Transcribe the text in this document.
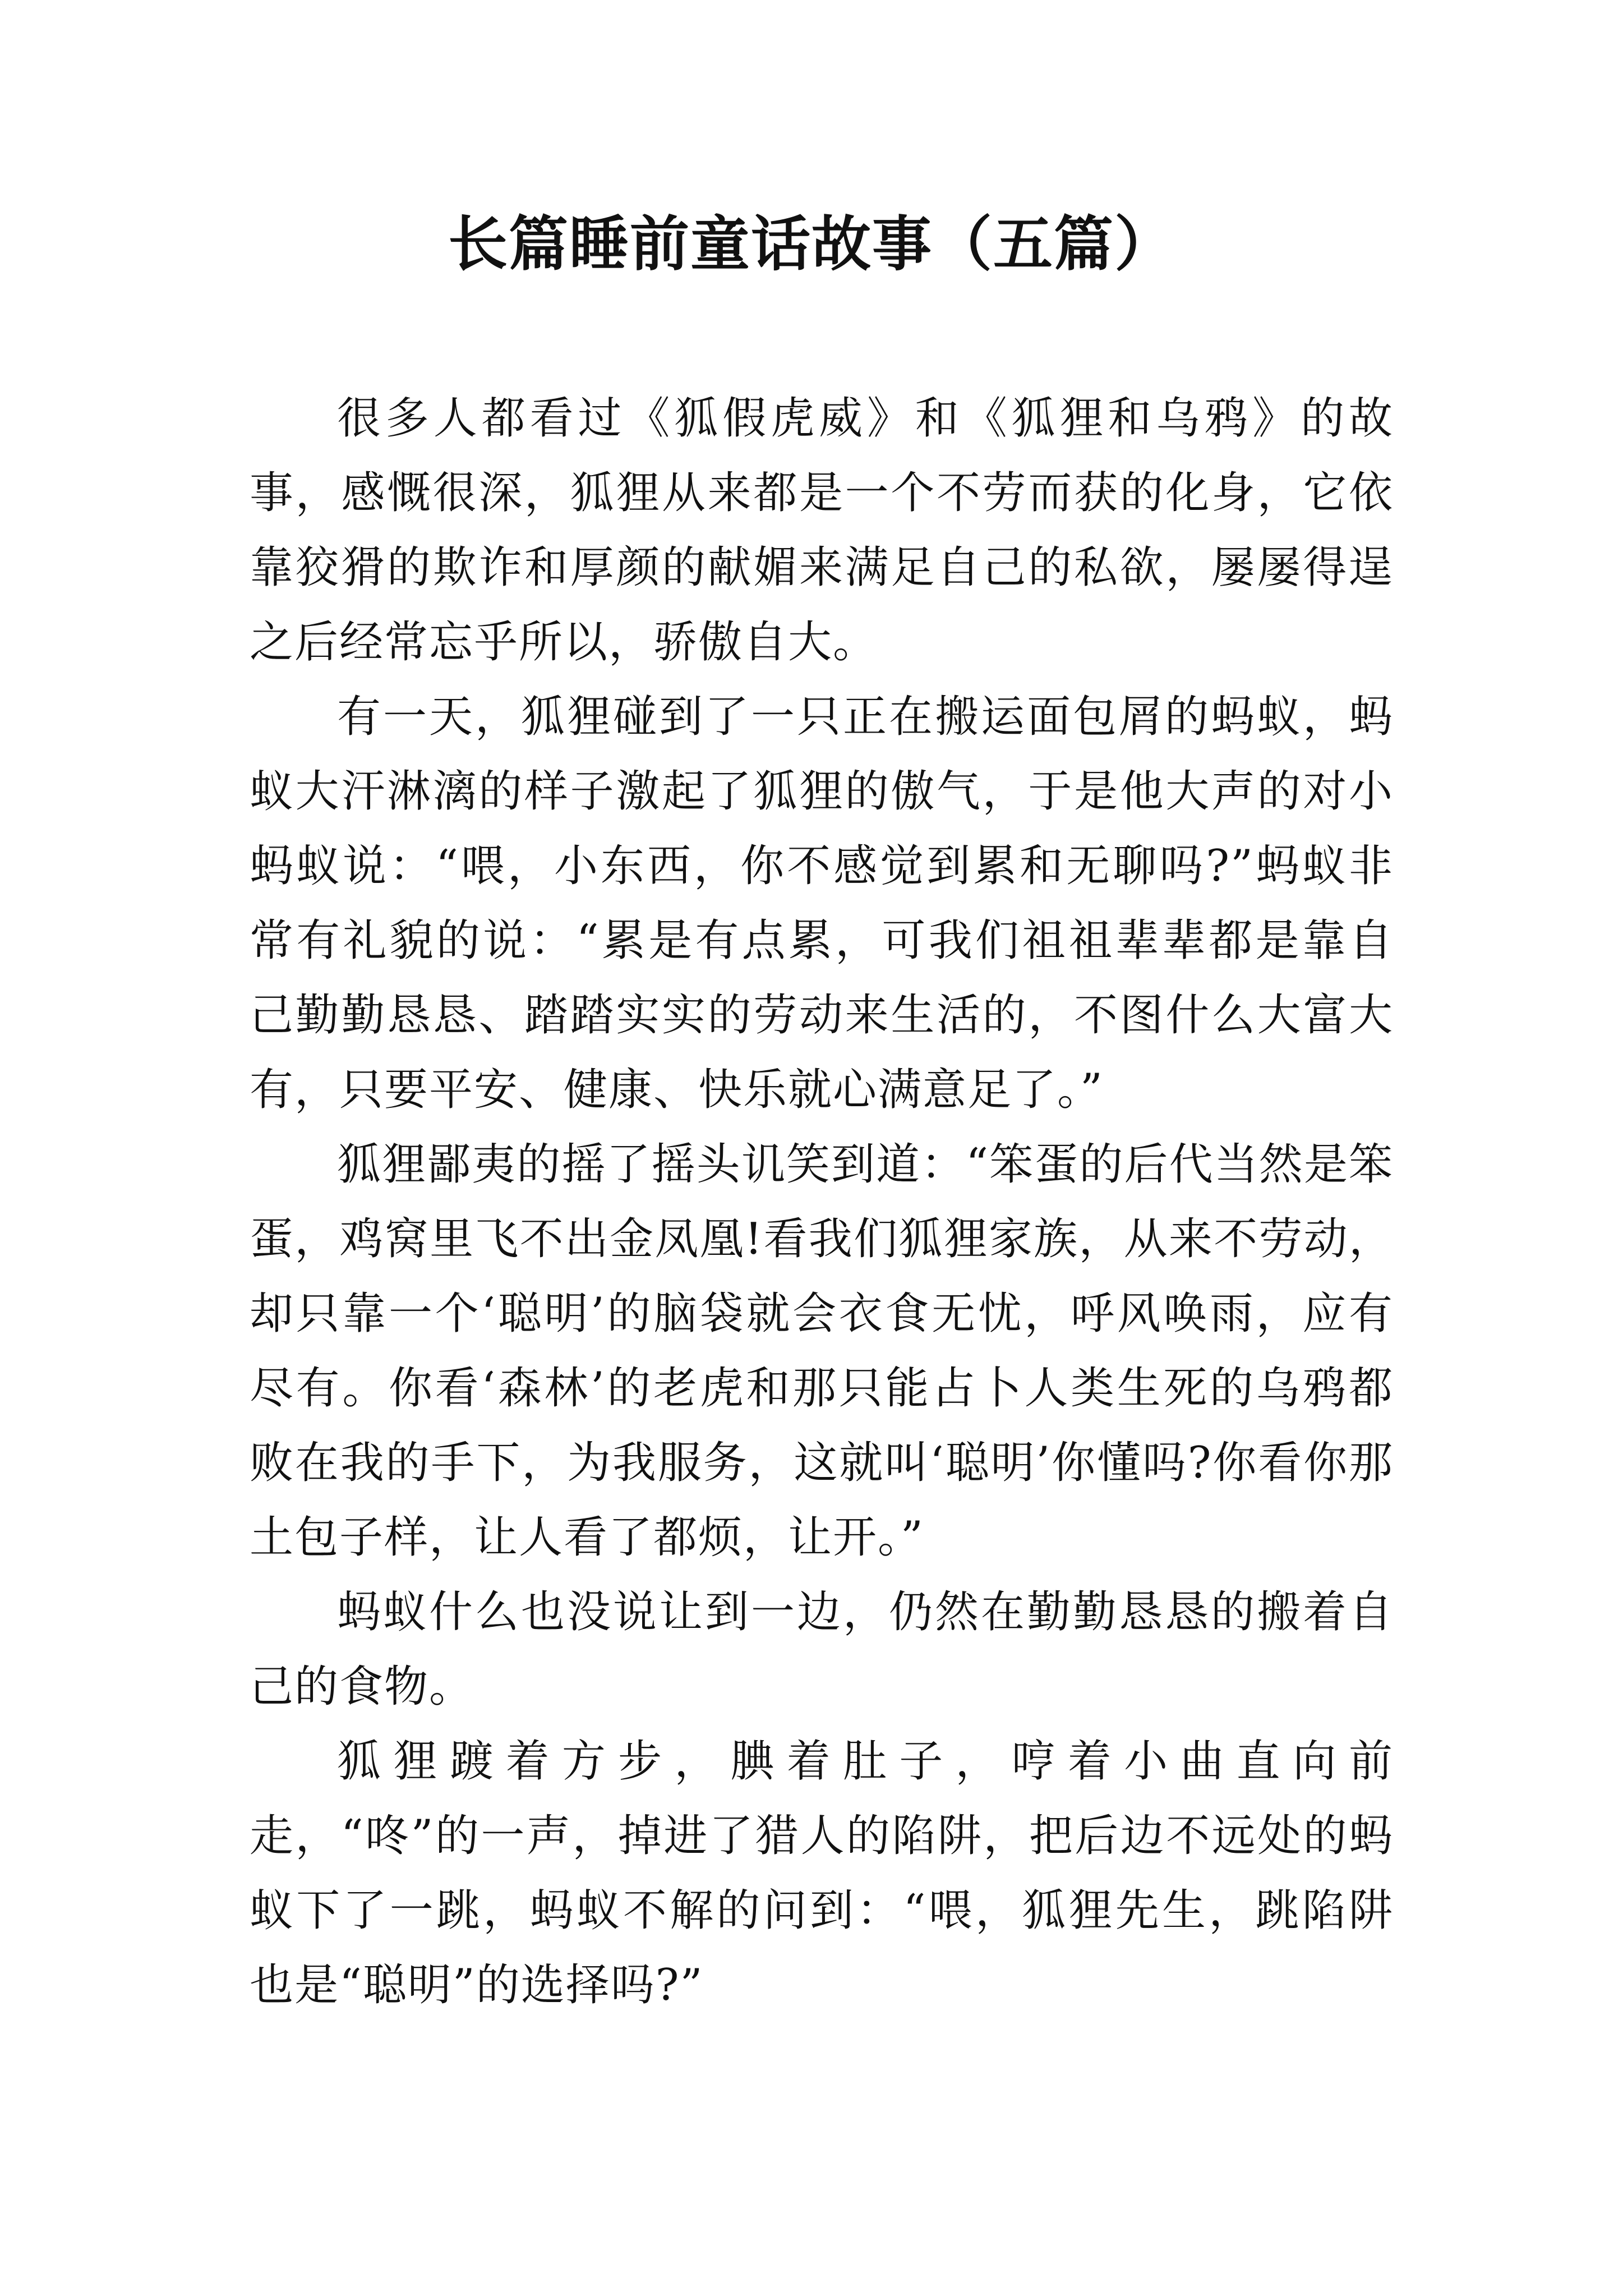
长篇睡前童话故事（五篇）

很多人都看过《狐假虎威》和《狐狸和乌鸦》的故事，感慨很深，狐狸从来都是一个不劳而获的化身，它依靠狡猾的欺诈和厚颜的献媚来满足自己的私欲，屡屡得逞之后经常忘乎所以，骄傲自大。

有一天，狐狸碰到了一只正在搬运面包屑的蚂蚁，蚂蚁大汗淋漓的样子激起了狐狸的傲气，于是他大声的对小蚂蚁说：“喂，小东西，你不感觉到累和无聊吗?”蚂蚁非常有礼貌的说：“累是有点累，可我们祖祖辈辈都是靠自己勤勤恳恳、踏踏实实的劳动来生活的，不图什么大富大有，只要平安、健康、快乐就心满意足了。”

狐狸鄙夷的摇了摇头讥笑到道：“笨蛋的后代当然是笨蛋，鸡窝里飞不出金凤凰!看我们狐狸家族，从来不劳动，却只靠一个‘聪明’的脑袋就会衣食无忧，呼风唤雨，应有尽有。你看‘森林’的老虎和那只能占卜人类生死的乌鸦都败在我的手下，为我服务，这就叫‘聪明’你懂吗?你看你那土包子样，让人看了都烦，让开。”

蚂蚁什么也没说让到一边，仍然在勤勤恳恳的搬着自己的食物。

狐狸踱着方步，腆着肚子，哼着小曲直向前走，“咚”的一声，掉进了猎人的陷阱，把后边不远处的蚂蚁下了一跳，蚂蚁不解的问到：“喂，狐狸先生，跳陷阱也是“聪明”的选择吗?”
